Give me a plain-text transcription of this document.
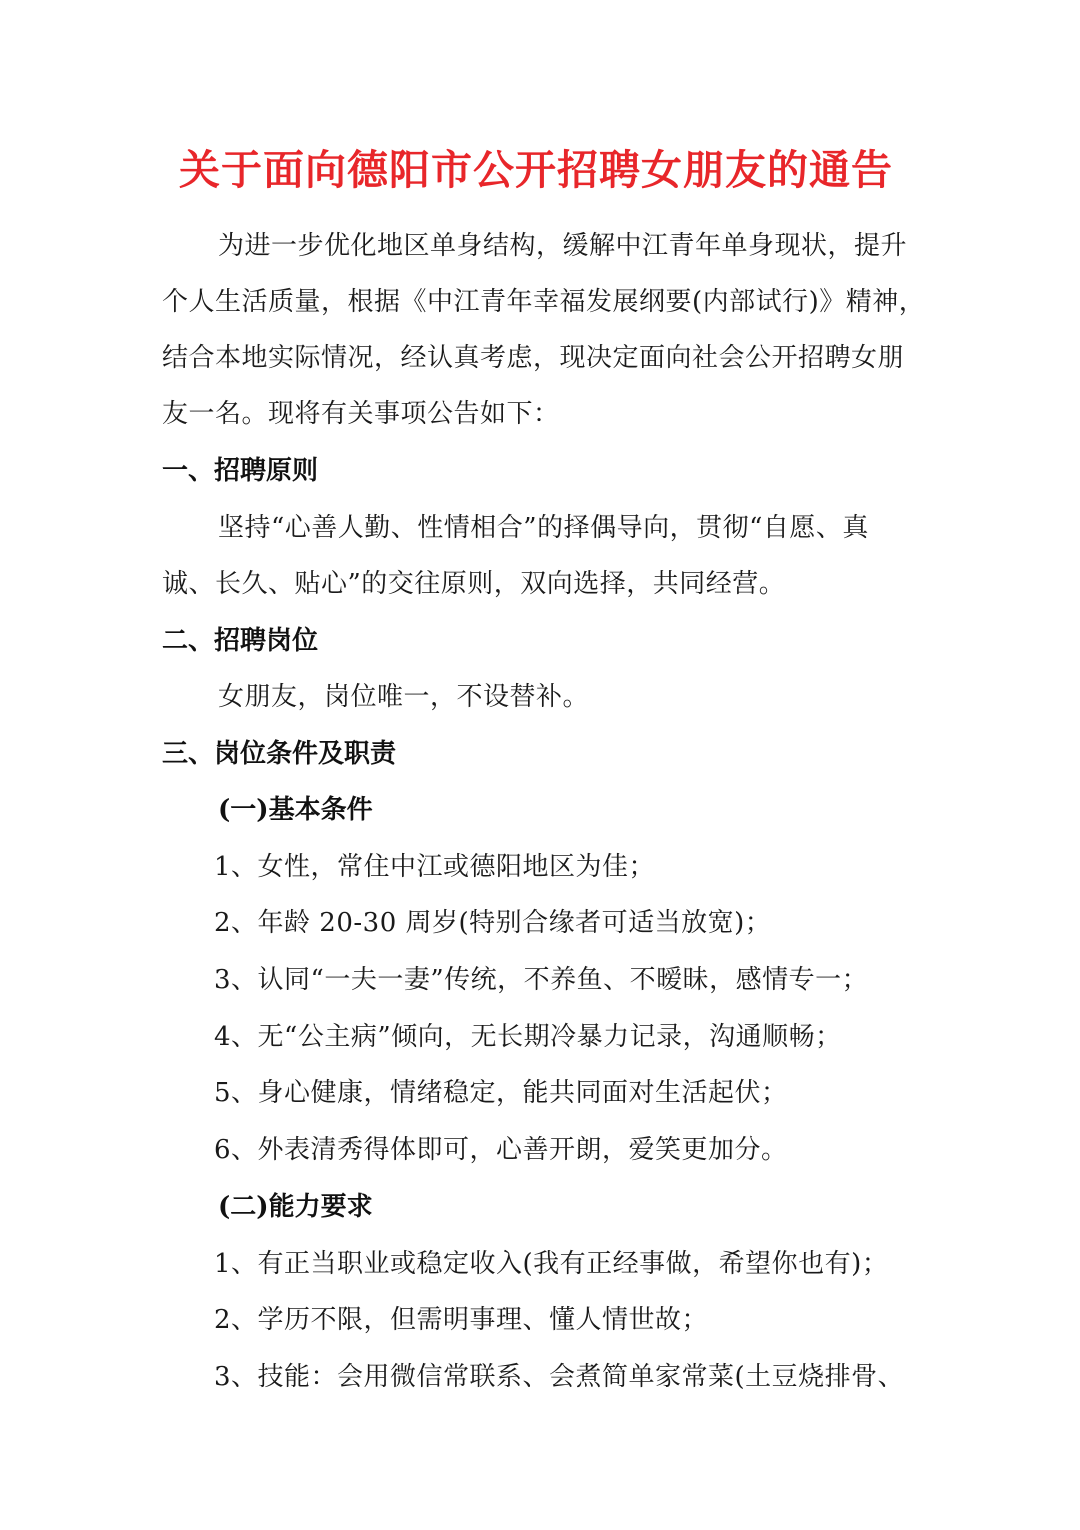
关于面向德阳市公开招聘女朋友的通告
为进一步优化地区单身结构，缓解中江青年单身现状，提升
个人生活质量，根据《中江青年幸福发展纲要(内部试行)》精神，
结合本地实际情况，经认真考虑，现决定面向社会公开招聘女朋
友一名。现将有关事项公告如下：
一、招聘原则
坚持“心善人勤、性情相合”的择偶导向，贯彻“自愿、真
诚、长久、贴心”的交往原则，双向选择，共同经营。
二、招聘岗位
女朋友，岗位唯一，不设替补。
三、岗位条件及职责
(一)基本条件
1、女性，常住中江或德阳地区为佳；
2、年龄 20-30 周岁(特别合缘者可适当放宽)；
3、认同“一夫一妻”传统，不养鱼、不暧昧，感情专一；
4、无“公主病”倾向，无长期冷暴力记录，沟通顺畅；
5、身心健康，情绪稳定，能共同面对生活起伏；
6、外表清秀得体即可，心善开朗，爱笑更加分。
(二)能力要求
1、有正当职业或稳定收入(我有正经事做，希望你也有)；
2、学历不限，但需明事理、懂人情世故；
3、技能：会用微信常联系、会煮简单家常菜(土豆烧排骨、
